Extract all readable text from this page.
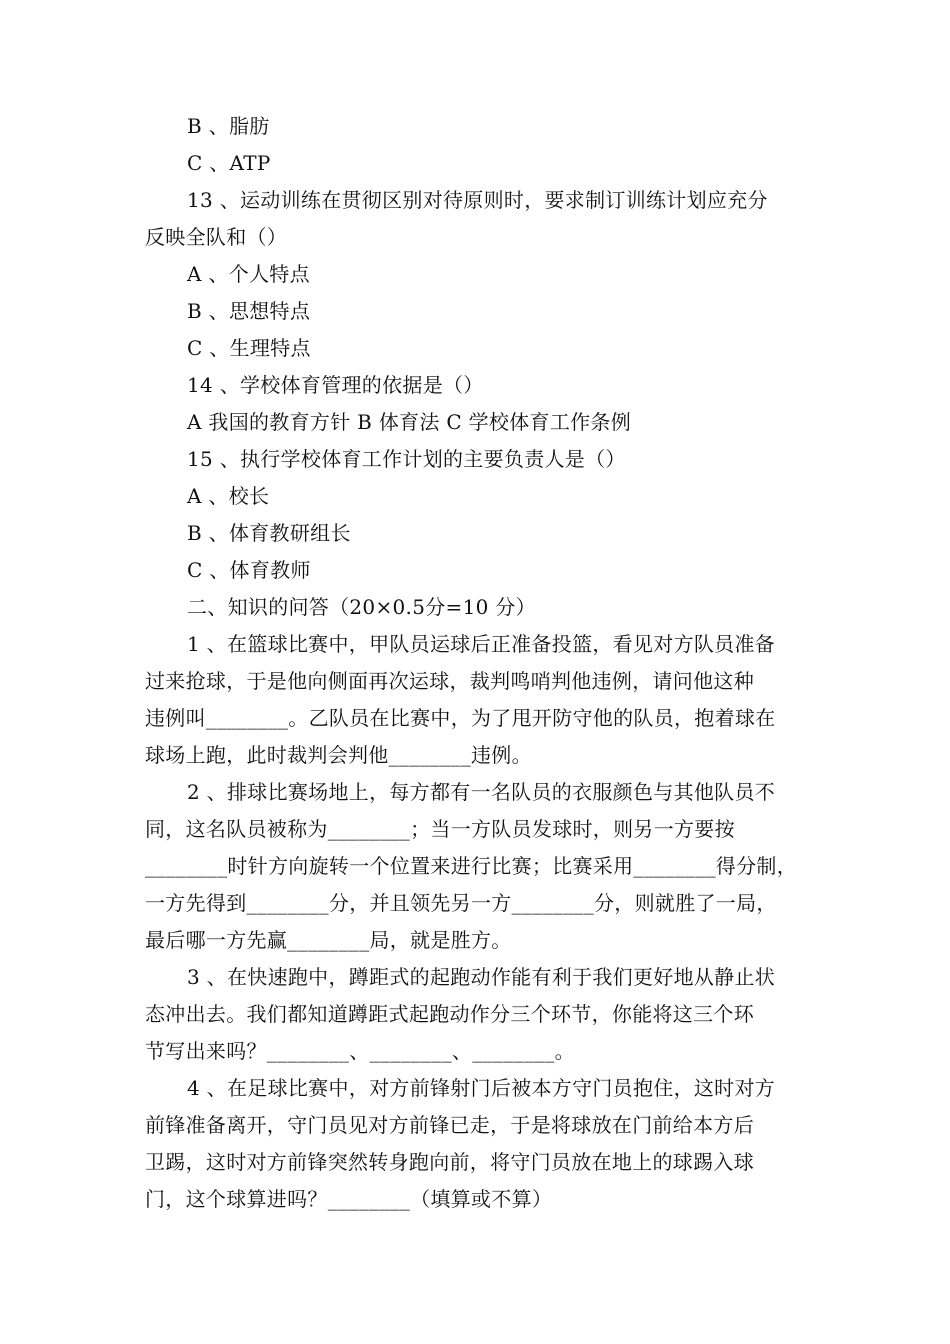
B 、脂肪
C 、ATP
13 、运动训练在贯彻区别对待原则时，要求制订训练计划应充分
反映全队和（）
A 、个人特点
B 、思想特点
C 、生理特点
14 、学校体育管理的依据是（）
A 我国的教育方针 B 体育法 C 学校体育工作条例
15 、执行学校体育工作计划的主要负责人是（）
A 、校长
B 、体育教研组长
C 、体育教师
二、知识的问答（20×0.5分=10 分）
1 、在篮球比赛中，甲队员运球后正准备投篮，看见对方队员准备
过来抢球，于是他向侧面再次运球，裁判鸣哨判他违例，请问他这种
违例叫________。乙队员在比赛中，为了甩开防守他的队员，抱着球在
球场上跑，此时裁判会判他________违例。
2 、排球比赛场地上，每方都有一名队员的衣服颜色与其他队员不
同，这名队员被称为________；当一方队员发球时，则另一方要按
________时针方向旋转一个位置来进行比赛；比赛采用________得分制，
一方先得到________分，并且领先另一方________分，则就胜了一局，
最后哪一方先赢________局，就是胜方。
3 、在快速跑中，蹲距式的起跑动作能有利于我们更好地从静止状
态冲出去。我们都知道蹲距式起跑动作分三个环节，你能将这三个环
节写出来吗？________、________、________。
4 、在足球比赛中，对方前锋射门后被本方守门员抱住，这时对方
前锋准备离开，守门员见对方前锋已走，于是将球放在门前给本方后
卫踢，这时对方前锋突然转身跑向前，将守门员放在地上的球踢入球
门，这个球算进吗？________（填算或不算）
